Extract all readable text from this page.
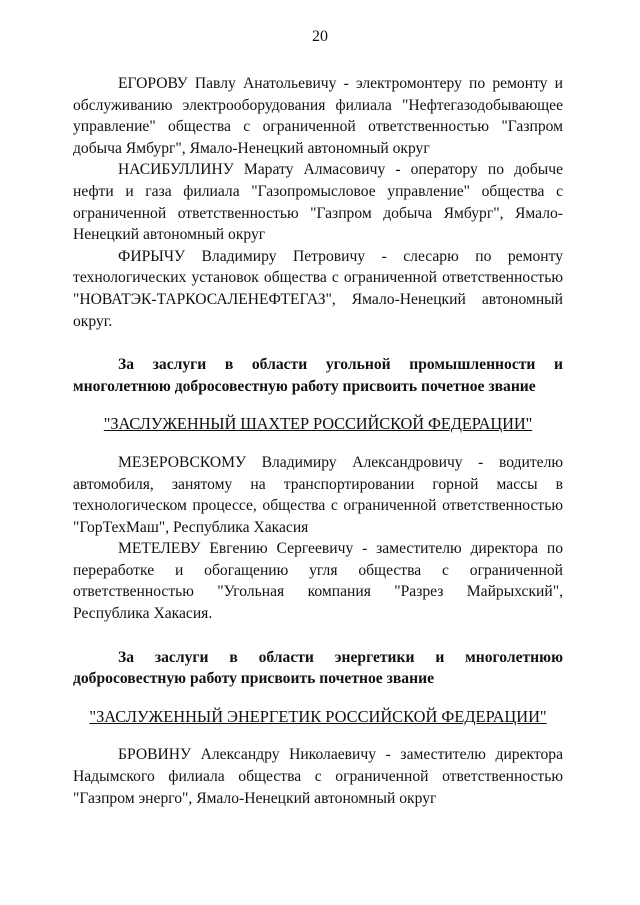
20

ЕГОРОВУ Павлу Анатольевичу - электромонтеру по ремонту и обслуживанию электрооборудования филиала "Нефтегазодобывающее управление" общества с ограниченной ответственностью "Газпром добыча Ямбург", Ямало-Ненецкий автономный округ

НАСИБУЛЛИНУ Марату Алмасовичу - оператору по добыче нефти и газа филиала "Газопромысловое управление" общества с ограниченной ответственностью "Газпром добыча Ямбург", Ямало-Ненецкий автономный округ

ФИРЫЧУ Владимиру Петровичу - слесарю по ремонту технологических установок общества с ограниченной ответственностью "НОВАТЭК-ТАРКОСАЛЕНЕФТЕГАЗ", Ямало-Ненецкий автономный округ.

За заслуги в области угольной промышленности и многолетнюю добросовестную работу присвоить почетное звание

"ЗАСЛУЖЕННЫЙ ШАХТЕР РОССИЙСКОЙ ФЕДЕРАЦИИ"

МЕЗЕРОВСКОМУ Владимиру Александровичу - водителю автомобиля, занятому на транспортировании горной массы в технологическом процессе, общества с ограниченной ответственностью "ГорТехМаш", Республика Хакасия

МЕТЕЛЕВУ Евгению Сергеевичу - заместителю директора по переработке и обогащению угля общества с ограниченной ответственностью "Угольная компания "Разрез Майрыхский", Республика Хакасия.

За заслуги в области энергетики и многолетнюю добросовестную работу присвоить почетное звание

"ЗАСЛУЖЕННЫЙ ЭНЕРГЕТИК РОССИЙСКОЙ ФЕДЕРАЦИИ"

БРОВИНУ Александру Николаевичу - заместителю директора Надымского филиала общества с ограниченной ответственностью "Газпром энерго", Ямало-Ненецкий автономный округ
